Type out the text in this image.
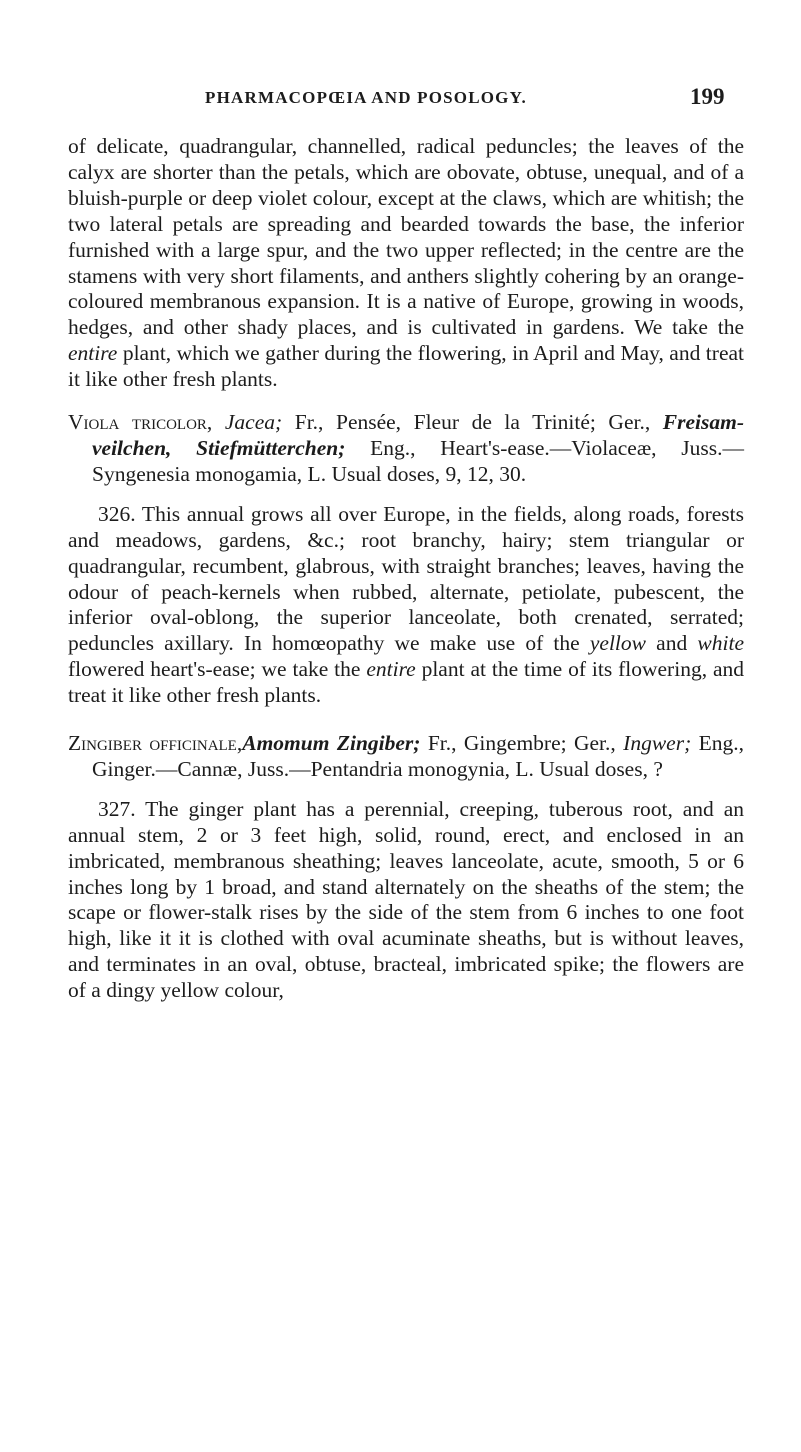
PHARMACOPŒIA AND POSOLOGY.	199

of delicate, quadrangular, channelled, radical peduncles; the leaves of the calyx are shorter than the petals, which are obovate, obtuse, unequal, and of a bluish-purple or deep violet colour, except at the claws, which are whitish; the two lateral petals are spreading and bearded towards the base, the inferior furnished with a large spur, and the two upper reflected; in the centre are the stamens with very short filaments, and anthers slightly cohering by an orange-coloured membranous expansion. It is a native of Europe, growing in woods, hedges, and other shady places, and is cultivated in gardens. We take the entire plant, which we gather during the flowering, in April and May, and treat it like other fresh plants.

Viola tricolor, Jacea; Fr., Pensée, Fleur de la Trinité; Ger., Freisam-veilchen, Stiefmütterchen; Eng., Heart's-ease.—Violaceæ, Juss.—Syngenesia monogamia, L. Usual doses, 9, 12, 30.

326. This annual grows all over Europe, in the fields, along roads, forests and meadows, gardens, &c.; root branchy, hairy; stem triangular or quadrangular, recumbent, glabrous, with straight branches; leaves, having the odour of peach-kernels when rubbed, alternate, petiolate, pubescent, the inferior oval-oblong, the superior lanceolate, both crenated, serrated; peduncles axillary. In homœopathy we make use of the yellow and white flowered heart's-ease; we take the entire plant at the time of its flowering, and treat it like other fresh plants.

Zingiber officinale,Amomum Zingiber; Fr., Gingembre; Ger., Ingwer; Eng., Ginger.—Cannæ, Juss.—Pentandria monogynia, L. Usual doses, ?

327. The ginger plant has a perennial, creeping, tuberous root, and an annual stem, 2 or 3 feet high, solid, round, erect, and enclosed in an imbricated, membranous sheathing; leaves lanceolate, acute, smooth, 5 or 6 inches long by 1 broad, and stand alternately on the sheaths of the stem; the scape or flower-stalk rises by the side of the stem from 6 inches to one foot high, like it it is clothed with oval acuminate sheaths, but is without leaves, and terminates in an oval, obtuse, bracteal, imbricated spike; the flowers are of a dingy yellow colour,
